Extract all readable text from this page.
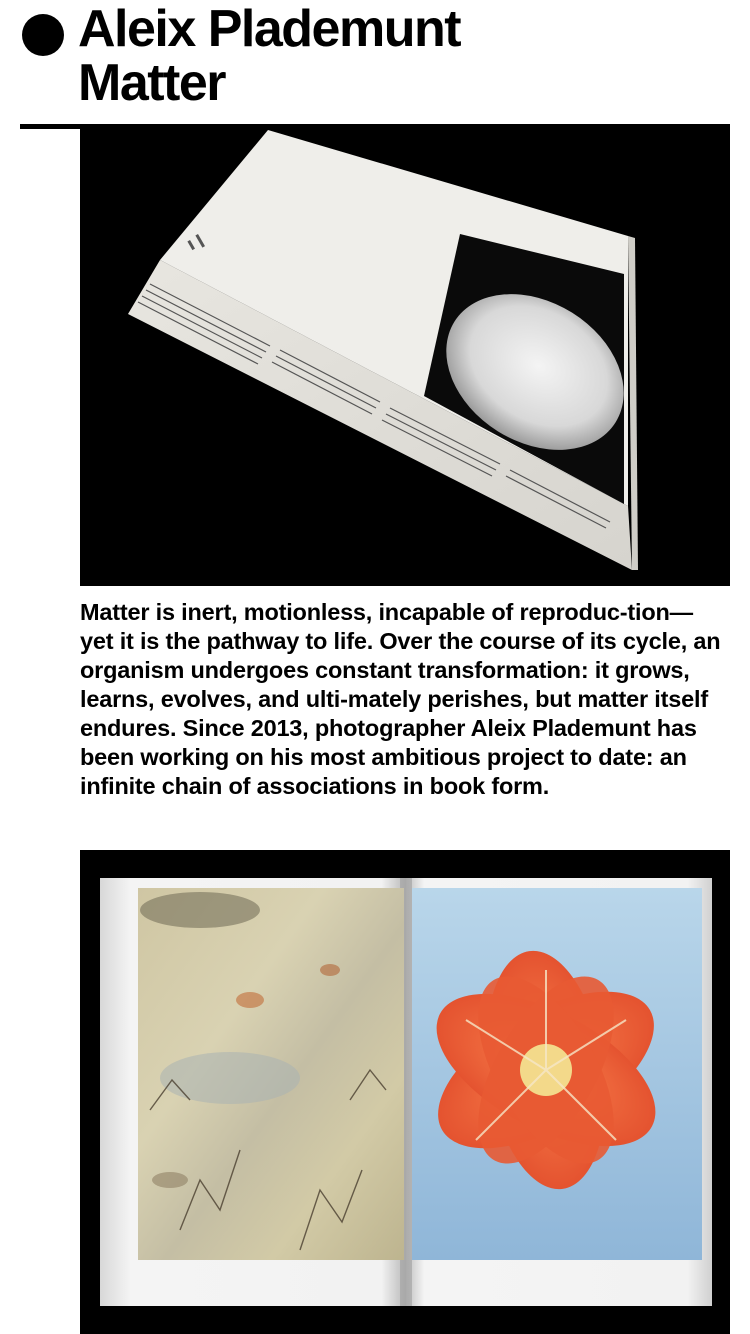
Aleix Plademunt
Matter

Matter is inert, motionless, incapable of reproduc-tion—yet it is the pathway to life. Over the course of its cycle, an organism undergoes constant transformation: it grows, learns, evolves, and ulti-mately perishes, but matter itself endures. Since 2013, photographer Aleix Plademunt has been working on his most ambitious project to date: an infinite chain of associations in book form.
